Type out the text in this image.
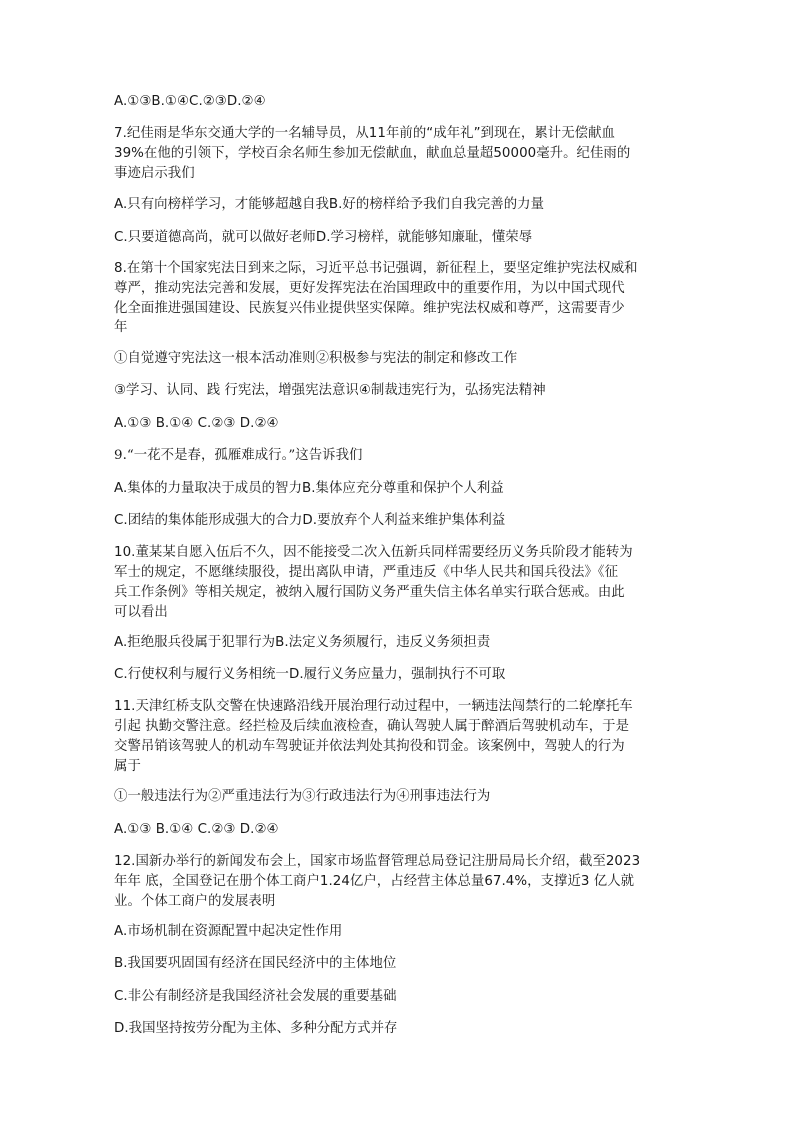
A.①③B.①④C.②③D.②④
7.纪佳雨是华东交通大学的一名辅导员，从11年前的“成年礼”到现在，累计无偿献血
39%在他的引领下，学校百余名师生参加无偿献血，献血总量超50000毫升。纪佳雨的
事迹启示我们
A.只有向榜样学习，才能够超越自我B.好的榜样给予我们自我完善的力量
C.只要道德高尚，就可以做好老师D.学习榜样，就能够知廉耻，懂荣辱
8.在第十个国家宪法日到来之际，习近平总书记强调，新征程上，要坚定维护宪法权威和
尊严，推动宪法完善和发展，更好发挥宪法在治国理政中的重要作用，为以中国式现代
化全面推进强国建设、民族复兴伟业提供坚实保障。维护宪法权威和尊严，这需要青少
年
①自觉遵守宪法这一根本活动准则②积极参与宪法的制定和修改工作
③学习、认同、践 行宪法，增强宪法意识④制裁违宪行为，弘扬宪法精神
A.①③ B.①④ C.②③ D.②④
9.“一花不是春，孤雁难成行。”这告诉我们
A.集体的力量取决于成员的智力B.集体应充分尊重和保护个人利益
C.团结的集体能形成强大的合力D.要放弃个人利益来维护集体利益
10.董某某自愿入伍后不久，因不能接受二次入伍新兵同样需要经历义务兵阶段才能转为
军士的规定，不愿继续服役，提出离队申请，严重违反《中华人民共和国兵役法》《征
兵工作条例》等相关规定，被纳入履行国防义务严重失信主体名单实行联合惩戒。由此
可以看出
A.拒绝服兵役属于犯罪行为B.法定义务须履行，违反义务须担责
C.行使权利与履行义务相统一D.履行义务应量力，强制执行不可取
11.天津红桥支队交警在快速路沿线开展治理行动过程中，一辆违法闯禁行的二轮摩托车
引起 执勤交警注意。经拦检及后续血液检查，确认驾驶人属于醉酒后驾驶机动车，于是
交警吊销该驾驶人的机动车驾驶证并依法判处其拘役和罚金。该案例中，驾驶人的行为
属于
①一般违法行为②严重违法行为③行政违法行为④刑事违法行为
A.①③ B.①④ C.②③ D.②④
12.国新办举行的新闻发布会上，国家市场监督管理总局登记注册局局长介绍，截至2023
年年 底，全国登记在册个体工商户1.24亿户，占经营主体总量67.4%，支撑近3 亿人就
业。个体工商户的发展表明
A.市场机制在资源配置中起决定性作用
B.我国要巩固国有经济在国民经济中的主体地位
C.非公有制经济是我国经济社会发展的重要基础
D.我国坚持按劳分配为主体、多种分配方式并存
